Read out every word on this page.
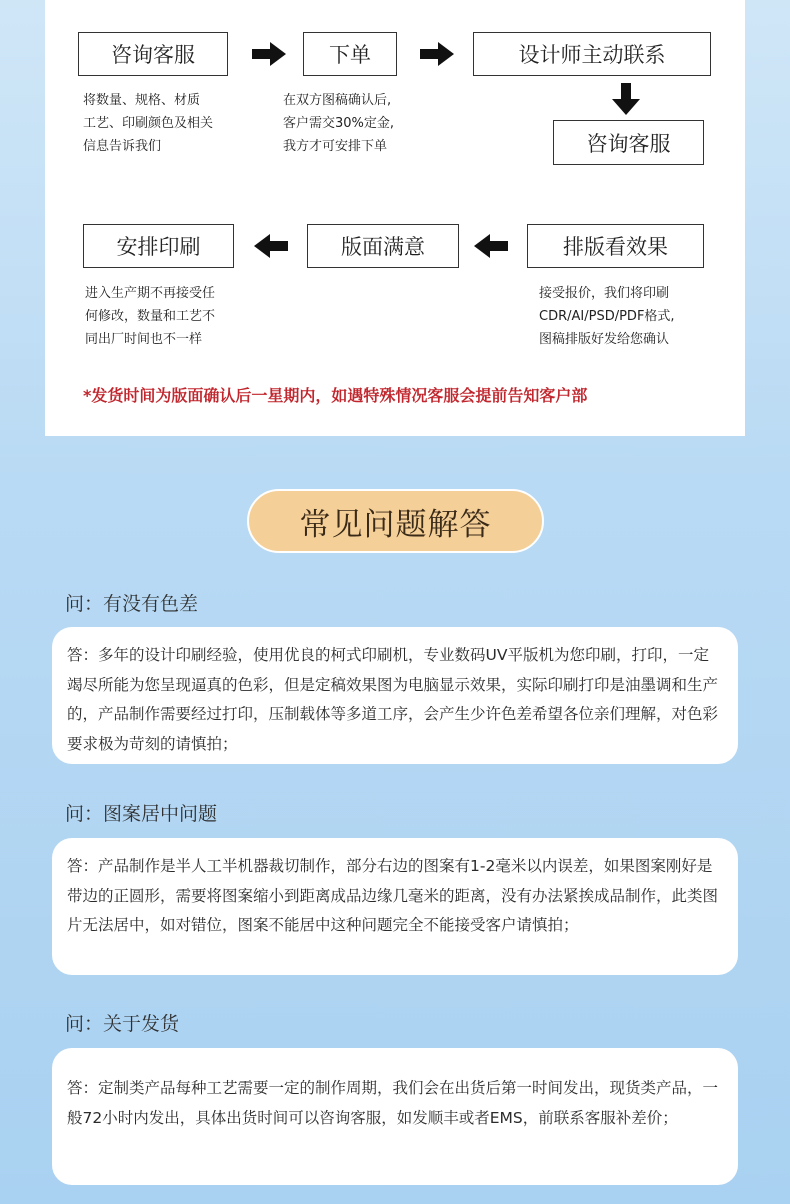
咨询客服	下单	设计师主动联系
将数量、规格、材质
工艺、印刷颜色及相关
信息告诉我们
在双方图稿确认后,
客户需交30%定金,
我方才可安排下单	咨询客服
安排印刷	版面满意	排版看效果
进入生产期不再接受任
何修改，数量和工艺不
同出厂时间也不一样
接受报价，我们将印刷
CDR/AI/PSD/PDF格式,
图稿排版好发给您确认
*发货时间为版面确认后一星期内，如遇特殊情况客服会提前告知客户部
常见问题解答
问：有没有色差
答：多年的设计印刷经验，使用优良的柯式印刷机，专业数码UV平版机为您印刷，打印，一定竭尽所能为您呈现逼真的色彩，但是定稿效果图为电脑显示效果，实际印刷打印是油墨调和生产的，产品制作需要经过打印，压制载体等多道工序，会产生少许色差希望各位亲们理解，对色彩要求极为苛刻的请慎拍；
问：图案居中问题
答：产品制作是半人工半机器裁切制作，部分右边的图案有1-2毫米以内误差，如果图案刚好是带边的正圆形，需要将图案缩小到距离成品边缘几毫米的距离，没有办法紧挨成品制作，此类图片无法居中，如对错位，图案不能居中这种问题完全不能接受客户请慎拍；
问：关于发货
答：定制类产品每种工艺需要一定的制作周期，我们会在出货后第一时间发出，现货类产品，一般72小时内发出，具体出货时间可以咨询客服，如发顺丰或者EMS，前联系客服补差价；
